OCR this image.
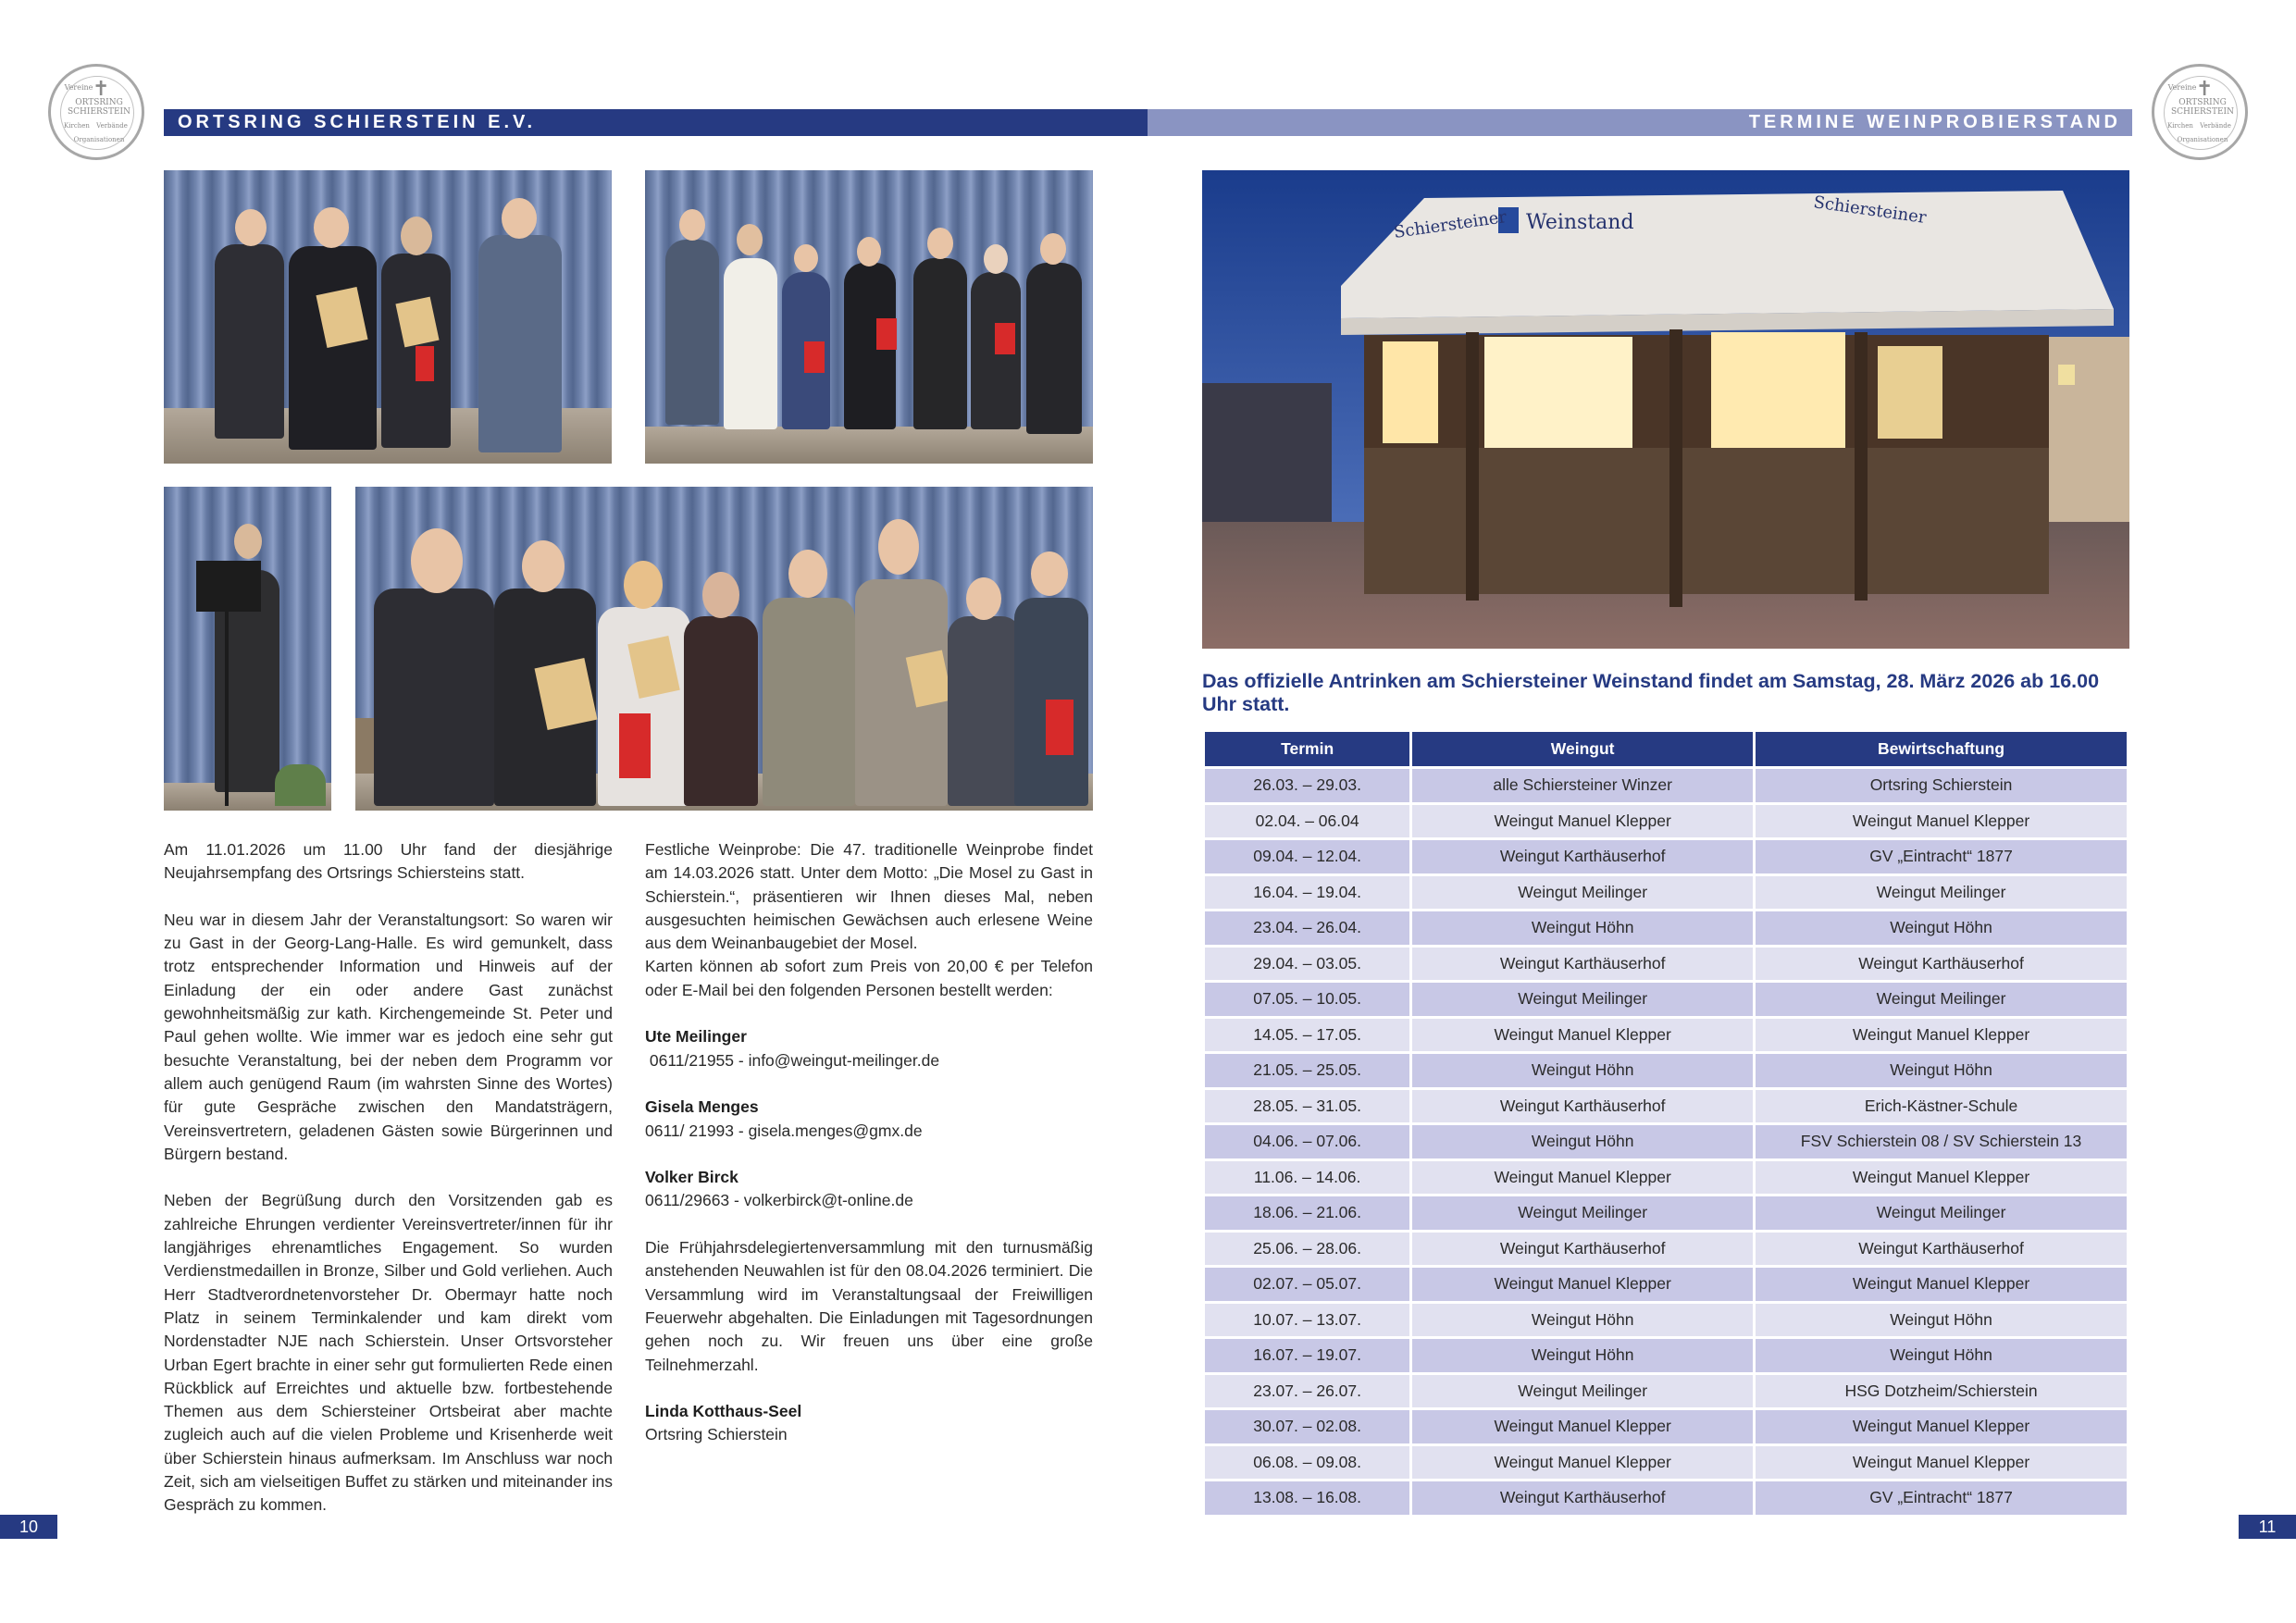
✝
ORTSRING SCHIERSTEIN
Vereine
Kirchen	Verbände
Organisationen
✝
ORTSRING SCHIERSTEIN
Vereine
Kirchen	Verbände
Organisationen
ORTSRING SCHIERSTEIN E.V.	TERMINE WEINPROBIERSTAND
Weinstand
Schiersteiner	Schiersteiner

Am 11.01.2026 um 11.00 Uhr fand der diesjährige Neujahrsempfang des Ortsrings Schiersteins statt.

Neu war in diesem Jahr der Veranstaltungsort: So waren wir zu Gast in der Georg-Lang-Halle. Es wird gemunkelt, dass trotz entsprechender Information und Hinweis auf der Einladung der ein oder andere Gast zunächst gewohnheitsmäßig zur kath. Kirchengemeinde St. Peter und Paul gehen wollte. Wie immer war es jedoch eine sehr gut besuchte Veranstaltung, bei der neben dem Programm vor allem auch genügend Raum (im wahrsten Sinne des Wortes) für gute Gespräche zwischen den Mandatsträgern, Vereinsvertretern, geladenen Gästen sowie Bürgerinnen und Bürgern bestand.

Neben der Begrüßung durch den Vorsitzenden gab es zahlreiche Ehrungen verdienter Vereinsvertreter/innen für ihr langjähriges ehrenamtliches Engagement. So wurden Verdienstmedaillen in Bronze, Silber und Gold verliehen. Auch Herr Stadtverordnetenvorsteher Dr. Obermayr hatte noch Platz in seinem Terminkalender und kam direkt vom Nordenstadter NJE nach Schierstein. Unser Ortsvorsteher Urban Egert brachte in einer sehr gut formulierten Rede einen Rückblick auf Erreichtes und aktuelle bzw. fortbestehende Themen aus dem Schiersteiner Ortsbeirat aber machte zugleich auch auf die vielen Probleme und Krisenherde weit über Schierstein hinaus aufmerksam. Im Anschluss war noch Zeit, sich am vielseitigen Buffet zu stärken und miteinander ins Gespräch zu kommen.

Festliche Weinprobe: Die 47. traditionelle Weinprobe findet am 14.03.2026 statt. Unter dem Motto: „Die Mosel zu Gast in Schierstein.“, präsentieren wir Ihnen dieses Mal, neben ausgesuchten heimischen Gewächsen auch erlesene Weine aus dem Weinanbaugebiet der Mosel.
Karten können ab sofort zum Preis von 20,00 € per Telefon oder E-Mail bei den folgenden Personen bestellt werden:
Ute Meilinger
0611/21955 - info@weingut-meilinger.de
Gisela Menges
0611/ 21993 - gisela.menges@gmx.de
Volker Birck
0611/29663 - volkerbirck@t-online.de
Die Frühjahrsdelegiertenversammlung mit den turnusmäßig anstehenden Neuwahlen ist für den 08.04.2026 terminiert. Die Versammlung wird im Veranstaltungsaal der Freiwilligen Feuerwehr abgehalten. Die Einladungen mit Tagesordnungen gehen noch zu. Wir freuen uns über eine große Teilnehmerzahl.
Linda Kotthaus-Seel
Ortsring Schierstein
Das offizielle Antrinken am Schiersteiner Weinstand findet am Samstag, 28. März 2026 ab 16.00 Uhr statt.
Termin	Weingut	Bewirtschaftung
26.03. – 29.03.	alle Schiersteiner Winzer	Ortsring Schierstein
02.04. – 06.04	Weingut Manuel Klepper	Weingut Manuel Klepper
09.04. – 12.04.	Weingut Karthäuserhof	GV „Eintracht“ 1877
16.04. – 19.04.	Weingut Meilinger	Weingut Meilinger
23.04. – 26.04.	Weingut Höhn	Weingut Höhn
29.04. – 03.05.	Weingut Karthäuserhof	Weingut Karthäuserhof
07.05. – 10.05.	Weingut Meilinger	Weingut Meilinger
14.05. – 17.05.	Weingut Manuel Klepper	Weingut Manuel Klepper
21.05. – 25.05.	Weingut Höhn	Weingut Höhn
28.05. – 31.05.	Weingut Karthäuserhof	Erich-Kästner-Schule
04.06. – 07.06.	Weingut Höhn	FSV Schierstein 08 / SV Schierstein 13
11.06. – 14.06.	Weingut Manuel Klepper	Weingut Manuel Klepper
18.06. – 21.06.	Weingut Meilinger	Weingut Meilinger
25.06. – 28.06.	Weingut Karthäuserhof	Weingut Karthäuserhof
02.07. – 05.07.	Weingut Manuel Klepper	Weingut Manuel Klepper
10.07. – 13.07.	Weingut Höhn	Weingut Höhn
16.07. – 19.07.	Weingut Höhn	Weingut Höhn
23.07. – 26.07.	Weingut Meilinger	HSG Dotzheim/Schierstein
30.07. – 02.08.	Weingut Manuel Klepper	Weingut Manuel Klepper
06.08. – 09.08.	Weingut Manuel Klepper	Weingut Manuel Klepper
13.08. – 16.08.	Weingut Karthäuserhof	GV „Eintracht“ 1877
10	11
